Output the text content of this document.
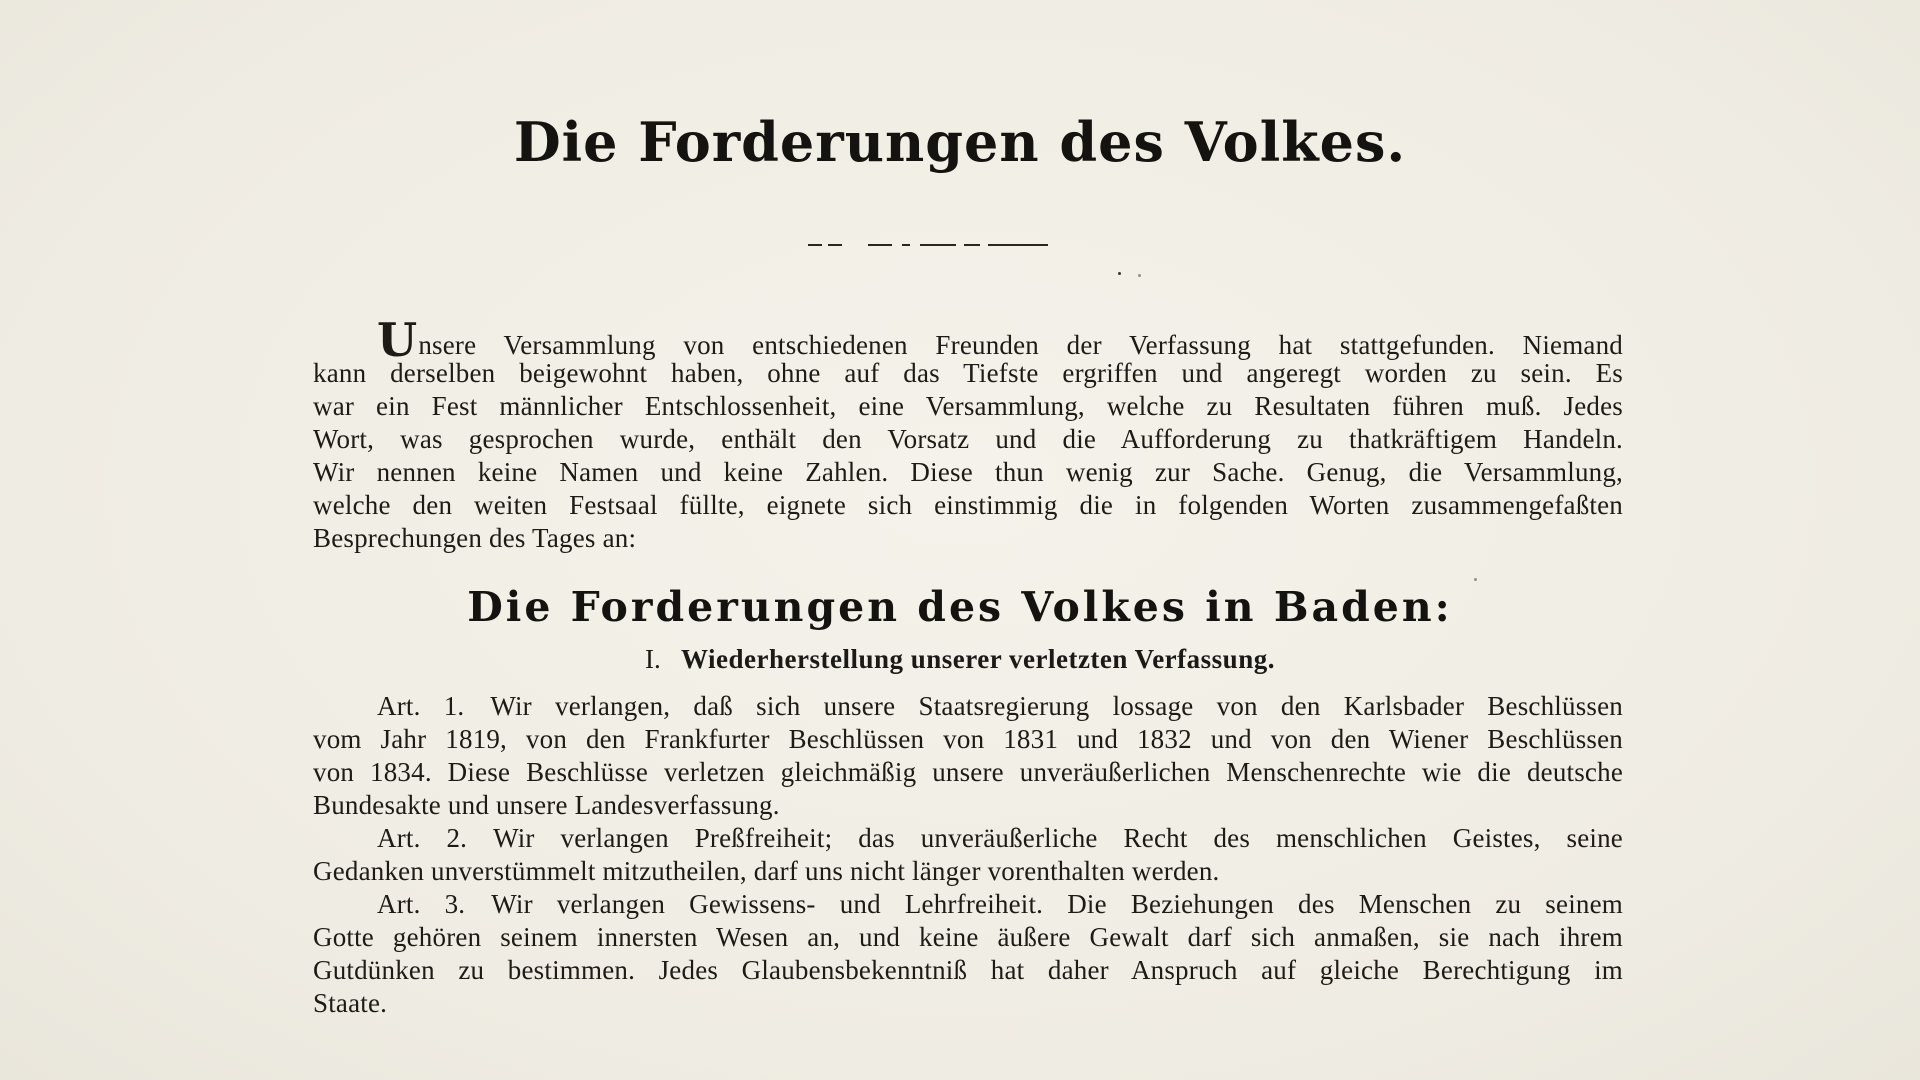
Die Forderungen des Volkes.
Unsere Versammlung von entschiedenen Freunden der Verfassung hat stattgefunden. Niemand
kann derselben beigewohnt haben, ohne auf das Tiefste ergriffen und angeregt worden zu sein. Es
war ein Fest männlicher Entschlossenheit, eine Versammlung, welche zu Resultaten führen muß. Jedes
Wort, was gesprochen wurde, enthält den Vorsatz und die Aufforderung zu thatkräftigem Handeln.
Wir nennen keine Namen und keine Zahlen. Diese thun wenig zur Sache. Genug, die Versammlung,
welche den weiten Festsaal füllte, eignete sich einstimmig die in folgenden Worten zusammengefaßten
Besprechungen des Tages an:
Die Forderungen des Volkes in Baden:
I. Wiederherstellung unserer verletzten Verfassung.
Art. 1. Wir verlangen, daß sich unsere Staatsregierung lossage von den Karlsbader Beschlüssen
vom Jahr 1819, von den Frankfurter Beschlüssen von 1831 und 1832 und von den Wiener Beschlüssen
von 1834. Diese Beschlüsse verletzen gleichmäßig unsere unveräußerlichen Menschenrechte wie die deutsche
Bundesakte und unsere Landesverfassung.
Art. 2. Wir verlangen Preßfreiheit; das unveräußerliche Recht des menschlichen Geistes, seine
Gedanken unverstümmelt mitzutheilen, darf uns nicht länger vorenthalten werden.
Art. 3. Wir verlangen Gewissens- und Lehrfreiheit. Die Beziehungen des Menschen zu seinem
Gotte gehören seinem innersten Wesen an, und keine äußere Gewalt darf sich anmaßen, sie nach ihrem
Gutdünken zu bestimmen. Jedes Glaubensbekenntniß hat daher Anspruch auf gleiche Berechtigung im
Staate.
